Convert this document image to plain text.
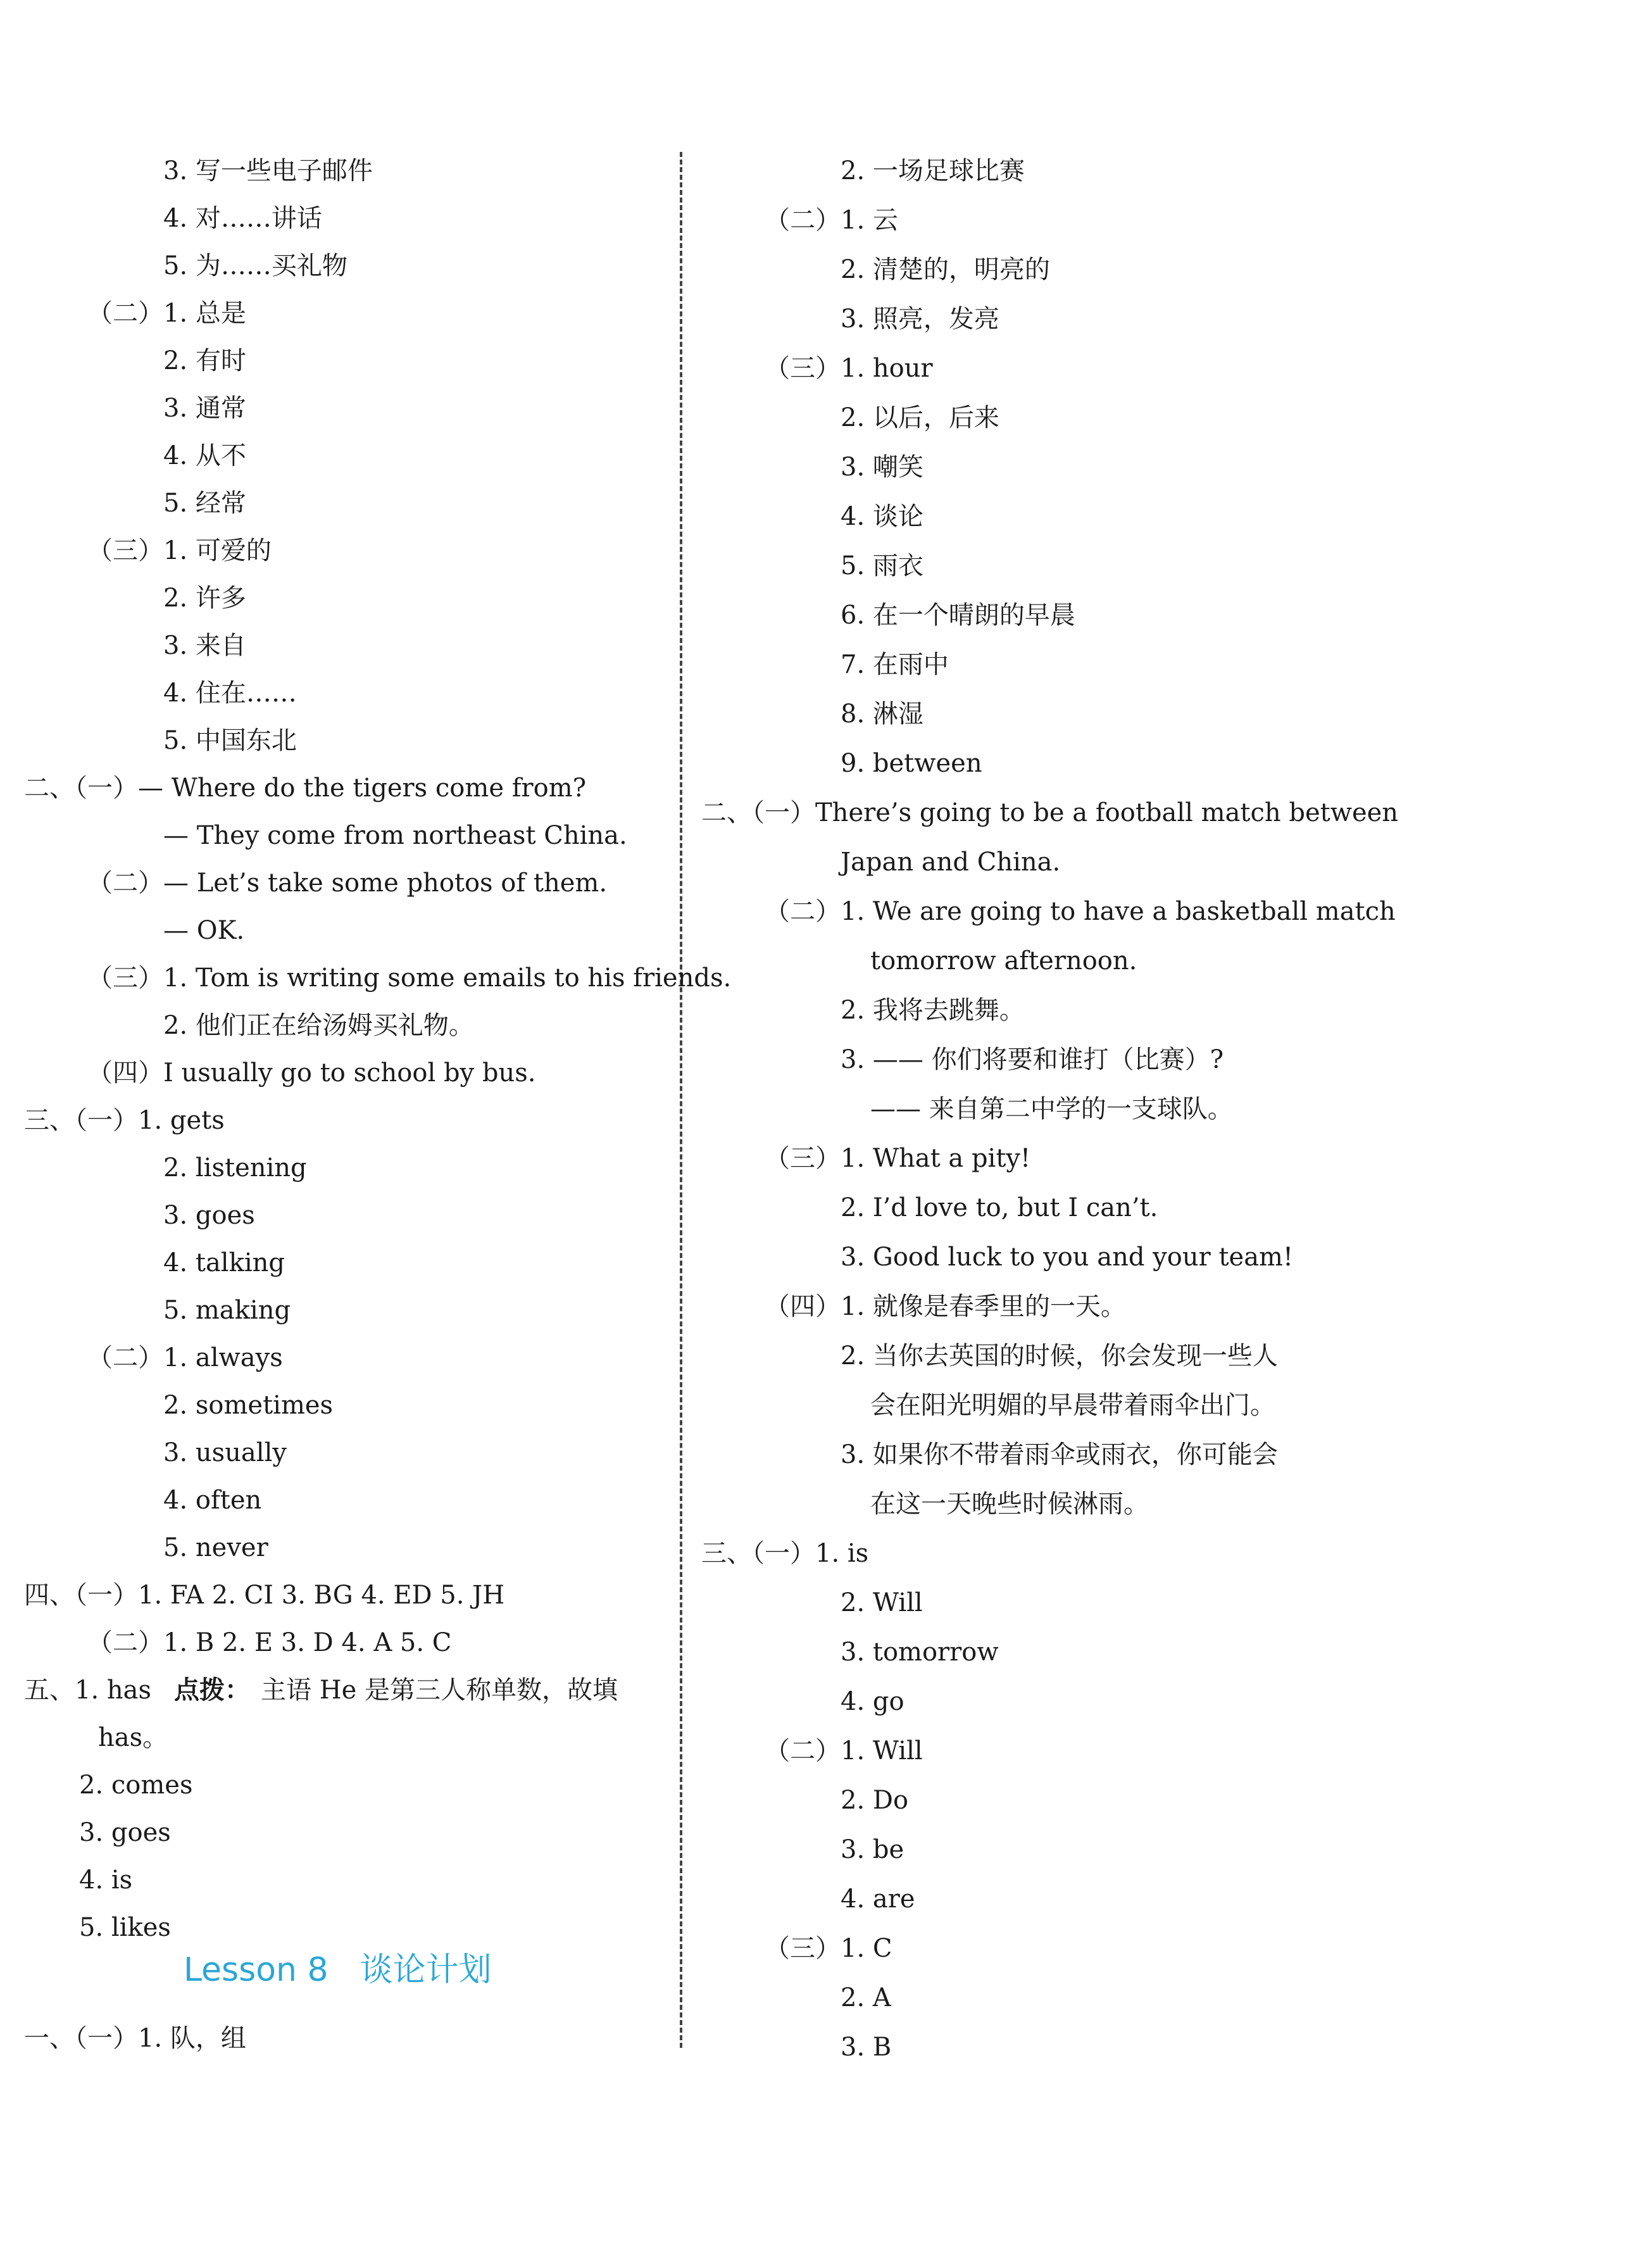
3. 写一些电子邮件
4. 对……讲话
5. 为……买礼物
（二）1. 总是
2. 有时
3. 通常
4. 从不
5. 经常
（三）1. 可爱的
2. 许多
3. 来自
4. 住在……
5. 中国东北
二、（一）— Where do the tigers come from?
— They come from northeast China.
（二）— Let’s take some photos of them.
— OK.
（三）1. Tom is writing some emails to his friends.
2. 他们正在给汤姆买礼物。
（四）I usually go to school by bus.
三、（一）1. gets
2. listening
3. goes
4. talking
5. making
（二）1. always
2. sometimes
3. usually
4. often
5. never
四、（一）1. FA 2. CI 3. BG 4. ED 5. JH
（二）1. B 2. E 3. D 4. A 5. C
五、1. has 点拨： 主语 He 是第三人称单数，故填
has。
2. comes
3. goes
4. is
5. likes
Lesson 8 谈论计划
一、（一）1. 队，组
2. 一场足球比赛
（二）1. 云
2. 清楚的，明亮的
3. 照亮，发亮
（三）1. hour
2. 以后，后来
3. 嘲笑
4. 谈论
5. 雨衣
6. 在一个晴朗的早晨
7. 在雨中
8. 淋湿
9. between
二、（一）There’s going to be a football match between
Japan and China.
（二）1. We are going to have a basketball match
tomorrow afternoon.
2. 我将去跳舞。
3. —— 你们将要和谁打（比赛）?
—— 来自第二中学的一支球队。
（三）1. What a pity!
2. I’d love to, but I can’t.
3. Good luck to you and your team!
（四）1. 就像是春季里的一天。
2. 当你去英国的时候，你会发现一些人
会在阳光明媚的早晨带着雨伞出门。
3. 如果你不带着雨伞或雨衣，你可能会
在这一天晚些时候淋雨。
三、（一）1. is
2. Will
3. tomorrow
4. go
（二）1. Will
2. Do
3. be
4. are
（三）1. C
2. A
3. B
